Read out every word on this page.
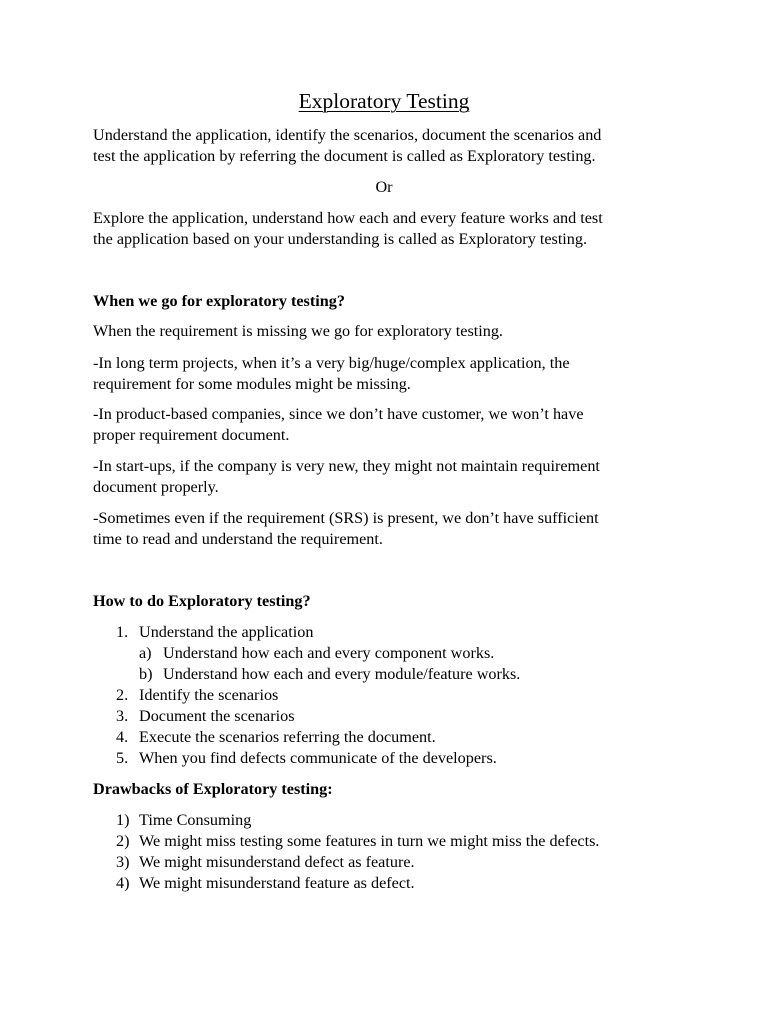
Exploratory Testing

Understand the application, identify the scenarios, document the scenarios and

test the application by referring the document is called as Exploratory testing.

Or

Explore the application, understand how each and every feature works and test

the application based on your understanding is called as Exploratory testing.

When we go for exploratory testing?

When the requirement is missing we go for exploratory testing.

-In long term projects, when it’s a very big/huge/complex application, the

requirement for some modules might be missing.

-In product-based companies, since we don’t have customer, we won’t have

proper requirement document.

-In start-ups, if the company is very new, they might not maintain requirement

document properly.

-Sometimes even if the requirement (SRS) is present, we don’t have sufficient

time to read and understand the requirement.

How to do Exploratory testing?

1. Understand the application
a) Understand how each and every component works.
b) Understand how each and every module/feature works.
2. Identify the scenarios
3. Document the scenarios
4. Execute the scenarios referring the document.
5. When you find defects communicate of the developers.

Drawbacks of Exploratory testing:

1) Time Consuming
2) We might miss testing some features in turn we might miss the defects.
3) We might misunderstand defect as feature.
4) We might misunderstand feature as defect.
